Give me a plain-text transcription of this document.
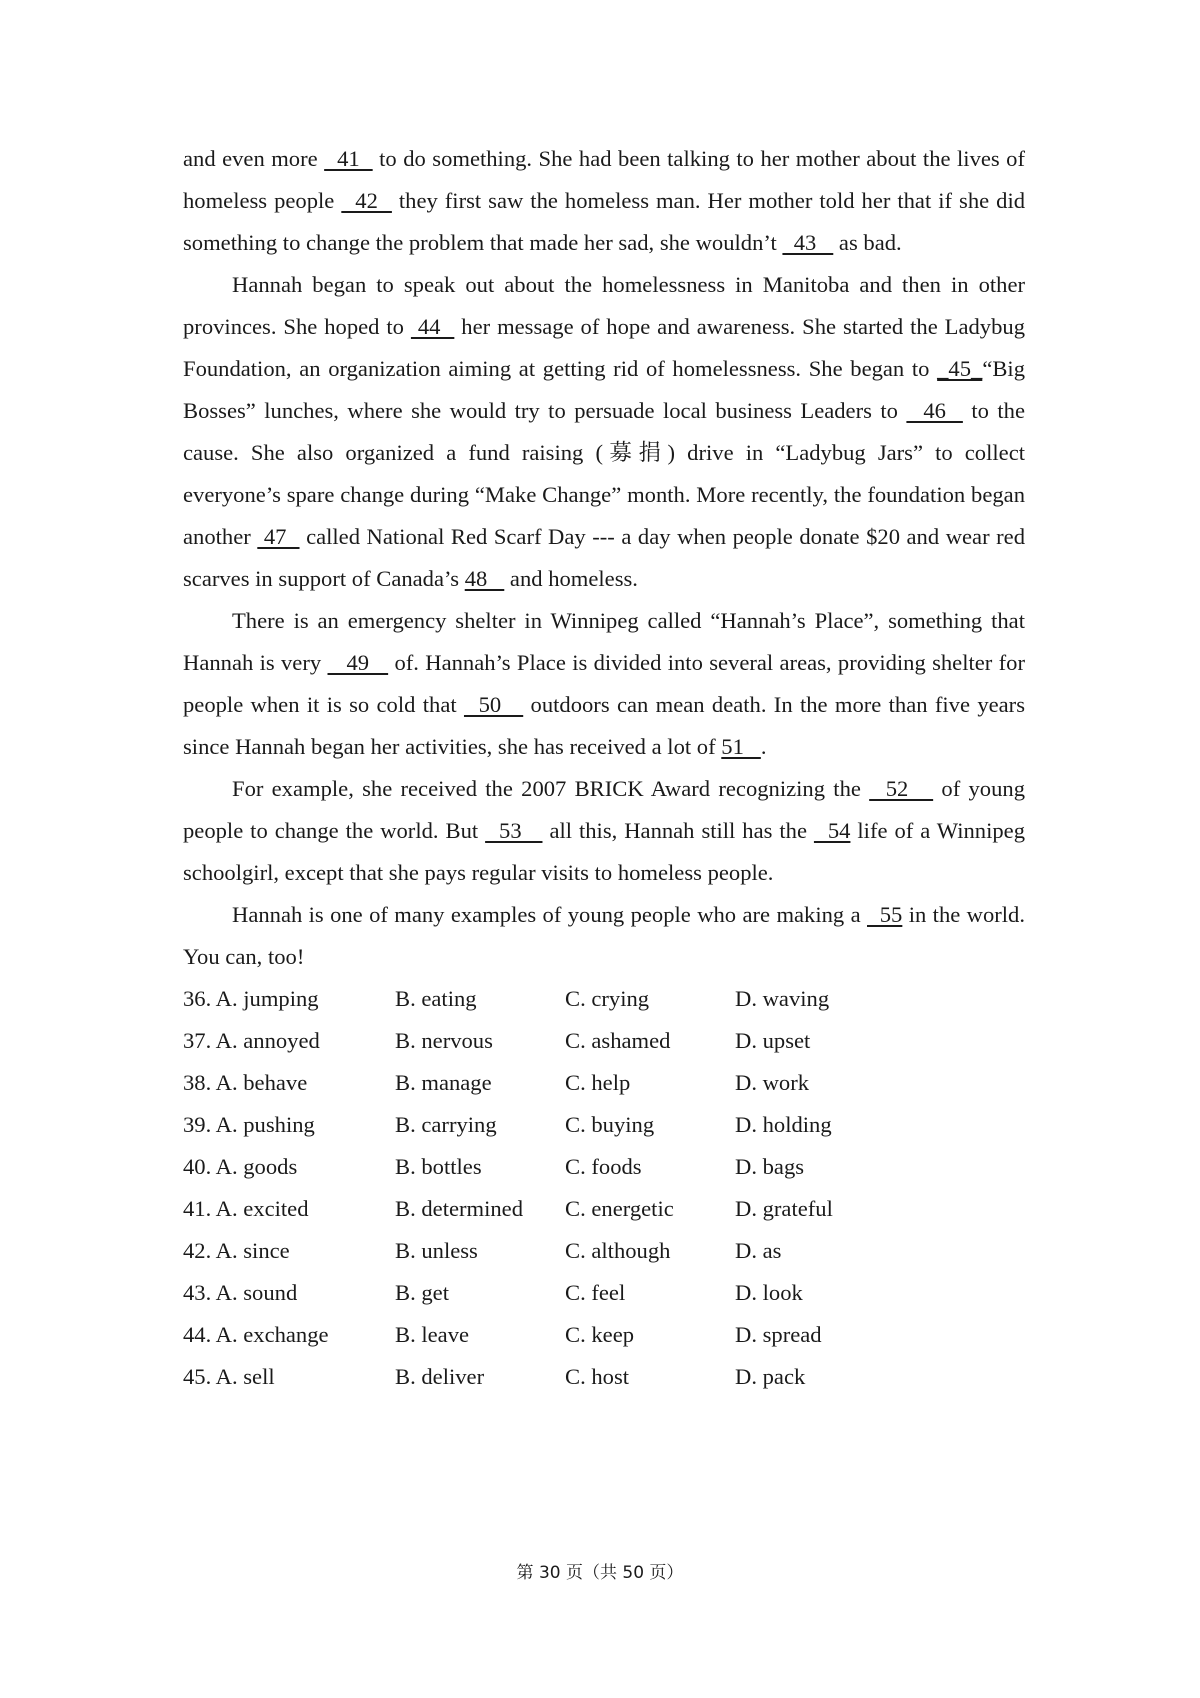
and even more   41   to do something. She had been talking to her mother about the lives of homeless people   42   they first saw the homeless man. Her mother told her that if she did something to change the problem that made her sad, she wouldn’t   43    as bad.

Hannah began to speak out about the homelessness in Manitoba and then in other provinces. She hoped to  44   her message of hope and awareness. She started the Ladybug Foundation, an organization aiming at getting rid of homelessness. She began to _45_“Big Bosses” lunches, where she would try to persuade local business Leaders to   46   to the cause. She also organized a fund raising (募捐) drive in “Ladybug Jars” to collect everyone’s spare change during “Make Change” month. More recently, the foundation began another  47   called National Red Scarf Day --- a day when people donate $20 and wear red scarves in support of Canada’s 48    and homeless.

There is an emergency shelter in Winnipeg called “Hannah’s Place”, something that Hannah is very    49    of. Hannah’s Place is divided into several areas, providing shelter for people when it is so cold that   50    outdoors can mean death. In the more than five years since Hannah began her activities, she has received a lot of 51   .

For example, she received the 2007 BRICK Award recognizing the   52    of young people to change the world. But   53    all this, Hannah still has the   54 life of a Winnipeg schoolgirl, except that she pays regular visits to homeless people.

Hannah is one of many examples of young people who are making a   55 in the world. You can, too!

36. A. jumping	B. eating	C. crying	D. waving
37. A. annoyed	B. nervous	C. ashamed	D. upset
38. A. behave	B. manage	C. help	D. work
39. A. pushing	B. carrying	C. buying	D. holding
40. A. goods	B. bottles	C. foods	D. bags
41. A. excited	B. determined	C. energetic	D. grateful
42. A. since	B. unless	C. although	D. as
43. A. sound	B. get	C. feel	D. look
44. A. exchange	B. leave	C. keep	D. spread
45. A. sell	B. deliver	C. host	D. pack
第 30 页（共 50 页）
